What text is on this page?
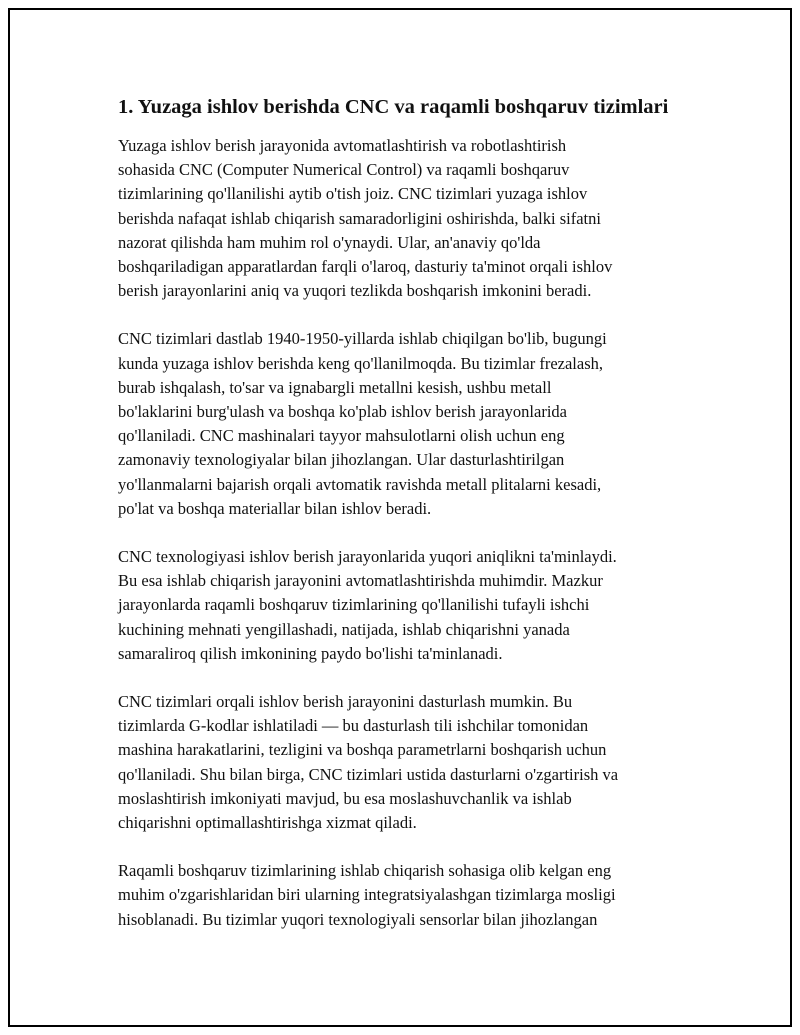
1. Yuzaga ishlov berishda CNC va raqamli boshqaruv tizimlari

Yuzaga ishlov berish jarayonida avtomatlashtirish va robotlashtirish
sohasida CNC (Computer Numerical Control) va raqamli boshqaruv
tizimlarining qo'llanilishi aytib o'tish joiz. CNC tizimlari yuzaga ishlov
berishda nafaqat ishlab chiqarish samaradorligini oshirishda, balki sifatni
nazorat qilishda ham muhim rol o'ynaydi. Ular, an'anaviy qo'lda
boshqariladigan apparatlardan farqli o'laroq, dasturiy ta'minot orqali ishlov
berish jarayonlarini aniq va yuqori tezlikda boshqarish imkonini beradi.

CNC tizimlari dastlab 1940-1950-yillarda ishlab chiqilgan bo'lib, bugungi
kunda yuzaga ishlov berishda keng qo'llanilmoqda. Bu tizimlar frezalash,
burab ishqalash, to'sar va ignabargli metallni kesish, ushbu metall
bo'laklarini burg'ulash va boshqa ko'plab ishlov berish jarayonlarida
qo'llaniladi. CNC mashinalari tayyor mahsulotlarni olish uchun eng
zamonaviy texnologiyalar bilan jihozlangan. Ular dasturlashtirilgan
yo'llanmalarni bajarish orqali avtomatik ravishda metall plitalarni kesadi,
po'lat va boshqa materiallar bilan ishlov beradi.

CNC texnologiyasi ishlov berish jarayonlarida yuqori aniqlikni ta'minlaydi.
Bu esa ishlab chiqarish jarayonini avtomatlashtirishda muhimdir. Mazkur
jarayonlarda raqamli boshqaruv tizimlarining qo'llanilishi tufayli ishchi
kuchining mehnati yengillashadi, natijada, ishlab chiqarishni yanada
samaraliroq qilish imkonining paydo bo'lishi ta'minlanadi.

CNC tizimlari orqali ishlov berish jarayonini dasturlash mumkin. Bu
tizimlarda G-kodlar ishlatiladi — bu dasturlash tili ishchilar tomonidan
mashina harakatlarini, tezligini va boshqa parametrlarni boshqarish uchun
qo'llaniladi. Shu bilan birga, CNC tizimlari ustida dasturlarni o'zgartirish va
moslashtirish imkoniyati mavjud, bu esa moslashuvchanlik va ishlab
chiqarishni optimallashtirishga xizmat qiladi.

Raqamli boshqaruv tizimlarining ishlab chiqarish sohasiga olib kelgan eng
muhim o'zgarishlaridan biri ularning integratsiyalashgan tizimlarga mosligi
hisoblanadi. Bu tizimlar yuqori texnologiyali sensorlar bilan jihozlangan
